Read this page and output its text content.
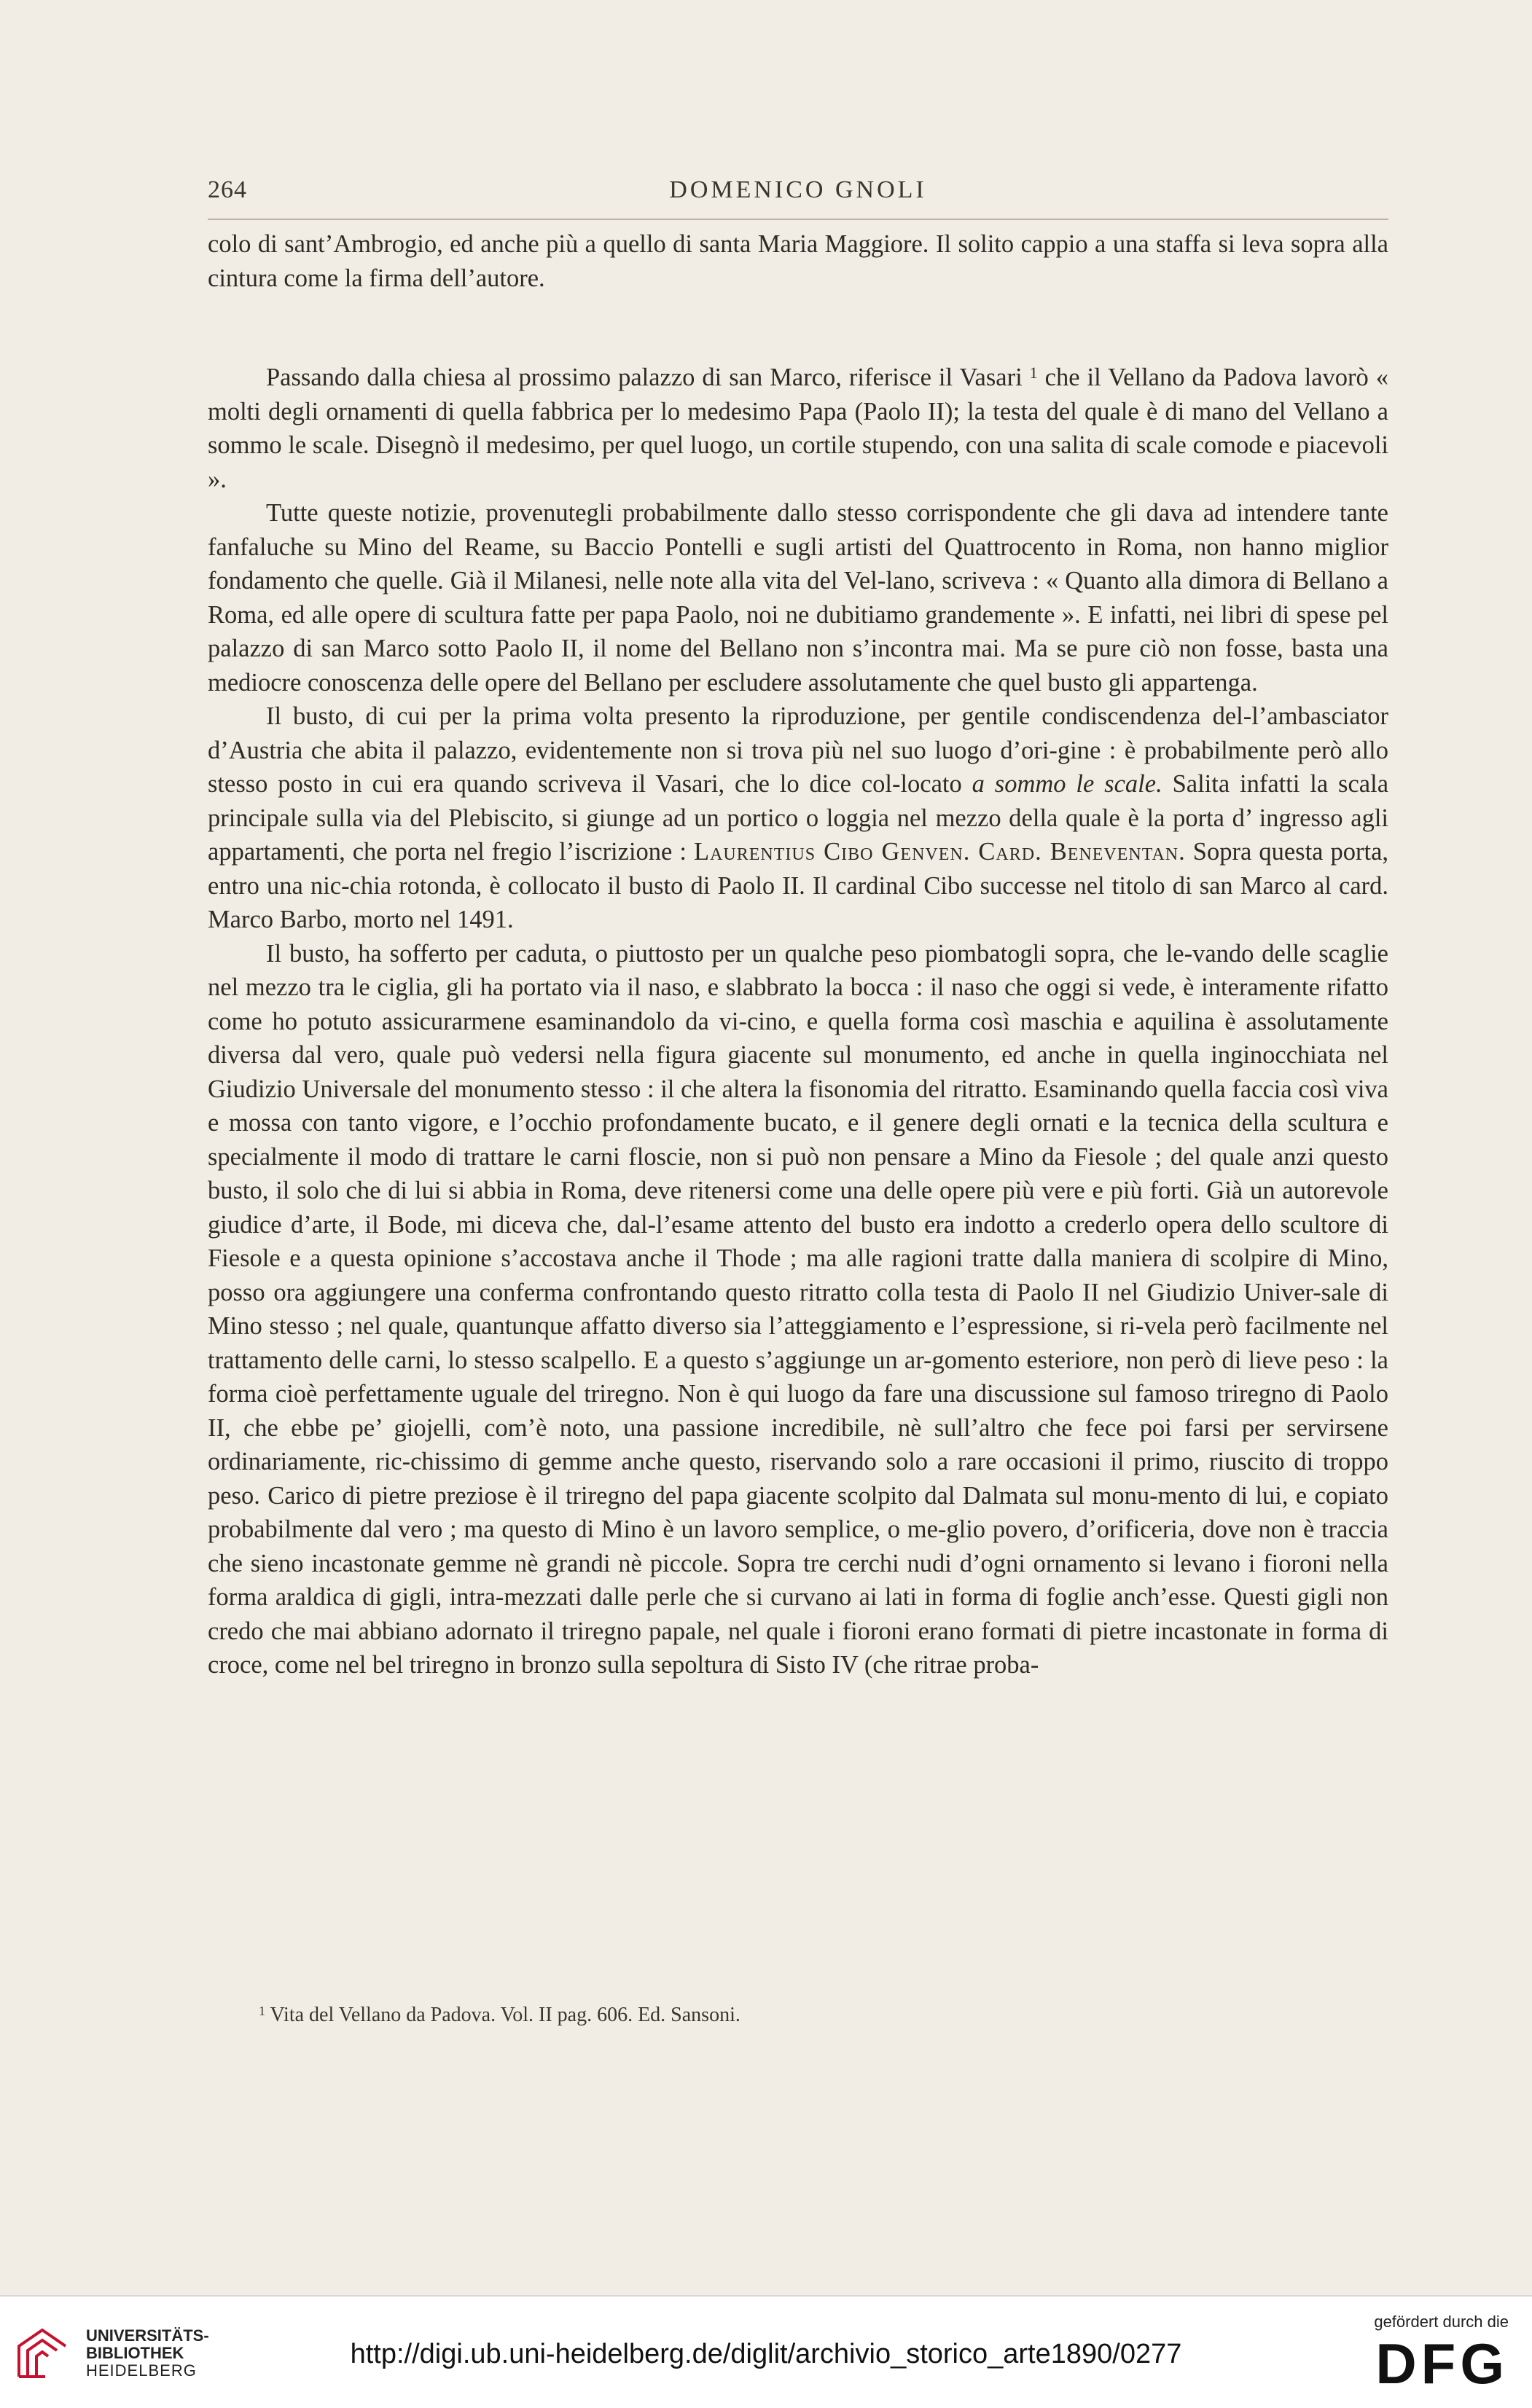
264	DOMENICO GNOLI

colo di sant’Ambrogio, ed anche più a quello di santa Maria Maggiore. Il solito cappio a una staffa si leva sopra alla cintura come la firma dell’autore.

Passando dalla chiesa al prossimo palazzo di san Marco, riferisce il Vasari $^1$ che il Vellano da Padova lavorò « molti degli ornamenti di quella fabbrica per lo medesimo Papa (Paolo II); la testa del quale è di mano del Vellano a sommo le scale. Disegnò il medesimo, per quel luogo, un cortile stupendo, con una salita di scale comode e piacevoli ».

Tutte queste notizie, provenutegli probabilmente dallo stesso corrispondente che gli dava ad intendere tante fanfaluche su Mino del Reame, su Baccio Pontelli e sugli artisti del Quattrocento in Roma, non hanno miglior fondamento che quelle. Già il Milanesi, nelle note alla vita del Vel-lano, scriveva : « Quanto alla dimora di Bellano a Roma, ed alle opere di scultura fatte per papa Paolo, noi ne dubitiamo grandemente ». E infatti, nei libri di spese pel palazzo di san Marco sotto Paolo II, il nome del Bellano non s’incontra mai. Ma se pure ciò non fosse, basta una mediocre conoscenza delle opere del Bellano per escludere assolutamente che quel busto gli appartenga.

Il busto, di cui per la prima volta presento la riproduzione, per gentile condiscendenza del-l’ambasciator d’Austria che abita il palazzo, evidentemente non si trova più nel suo luogo d’ori-gine : è probabilmente però allo stesso posto in cui era quando scriveva il Vasari, che lo dice col-locato a sommo le scale. Salita infatti la scala principale sulla via del Plebiscito, si giunge ad un portico o loggia nel mezzo della quale è la porta d’ ingresso agli appartamenti, che porta nel fregio l’iscrizione : Laurentius Cibo Genven. Card. Beneventan. Sopra questa porta, entro una nic-chia rotonda, è collocato il busto di Paolo II. Il cardinal Cibo successe nel titolo di san Marco al card. Marco Barbo, morto nel 1491.

Il busto, ha sofferto per caduta, o piuttosto per un qualche peso piombatogli sopra, che le-vando delle scaglie nel mezzo tra le ciglia, gli ha portato via il naso, e slabbrato la bocca : il naso che oggi si vede, è interamente rifatto come ho potuto assicurarmene esaminandolo da vi-cino, e quella forma così maschia e aquilina è assolutamente diversa dal vero, quale può vedersi nella figura giacente sul monumento, ed anche in quella inginocchiata nel Giudizio Universale del monumento stesso : il che altera la fisonomia del ritratto. Esaminando quella faccia così viva e mossa con tanto vigore, e l’occhio profondamente bucato, e il genere degli ornati e la tecnica della scultura e specialmente il modo di trattare le carni floscie, non si può non pensare a Mino da Fiesole ; del quale anzi questo busto, il solo che di lui si abbia in Roma, deve ritenersi come una delle opere più vere e più forti. Già un autorevole giudice d’arte, il Bode, mi diceva che, dal-l’esame attento del busto era indotto a crederlo opera dello scultore di Fiesole e a questa opinione s’accostava anche il Thode ; ma alle ragioni tratte dalla maniera di scolpire di Mino, posso ora aggiungere una conferma confrontando questo ritratto colla testa di Paolo II nel Giudizio Univer-sale di Mino stesso ; nel quale, quantunque affatto diverso sia l’atteggiamento e l’espressione, si ri-vela però facilmente nel trattamento delle carni, lo stesso scalpello. E a questo s’aggiunge un ar-gomento esteriore, non però di lieve peso : la forma cioè perfettamente uguale del triregno. Non è qui luogo da fare una discussione sul famoso triregno di Paolo II, che ebbe pe’ giojelli, com’è noto, una passione incredibile, nè sull’altro che fece poi farsi per servirsene ordinariamente, ric-chissimo di gemme anche questo, riservando solo a rare occasioni il primo, riuscito di troppo peso. Carico di pietre preziose è il triregno del papa giacente scolpito dal Dalmata sul monu-mento di lui, e copiato probabilmente dal vero ; ma questo di Mino è un lavoro semplice, o me-glio povero, d’orificeria, dove non è traccia che sieno incastonate gemme nè grandi nè piccole. Sopra tre cerchi nudi d’ogni ornamento si levano i fioroni nella forma araldica di gigli, intra-mezzati dalle perle che si curvano ai lati in forma di foglie anch’esse. Questi gigli non credo che mai abbiano adornato il triregno papale, nel quale i fioroni erano formati di pietre incastonate in forma di croce, come nel bel triregno in bronzo sulla sepoltura di Sisto IV (che ritrae proba-

$^1$ Vita del Vellano da Padova. Vol. II pag. 606. Ed. Sansoni.
UNIVERSITÄTS-
BIBLIOTHEK
HEIDELBERG
http://digi.ub.uni-heidelberg.de/diglit/archivio_storico_arte1890/0277
gefördert durch die
DFG
